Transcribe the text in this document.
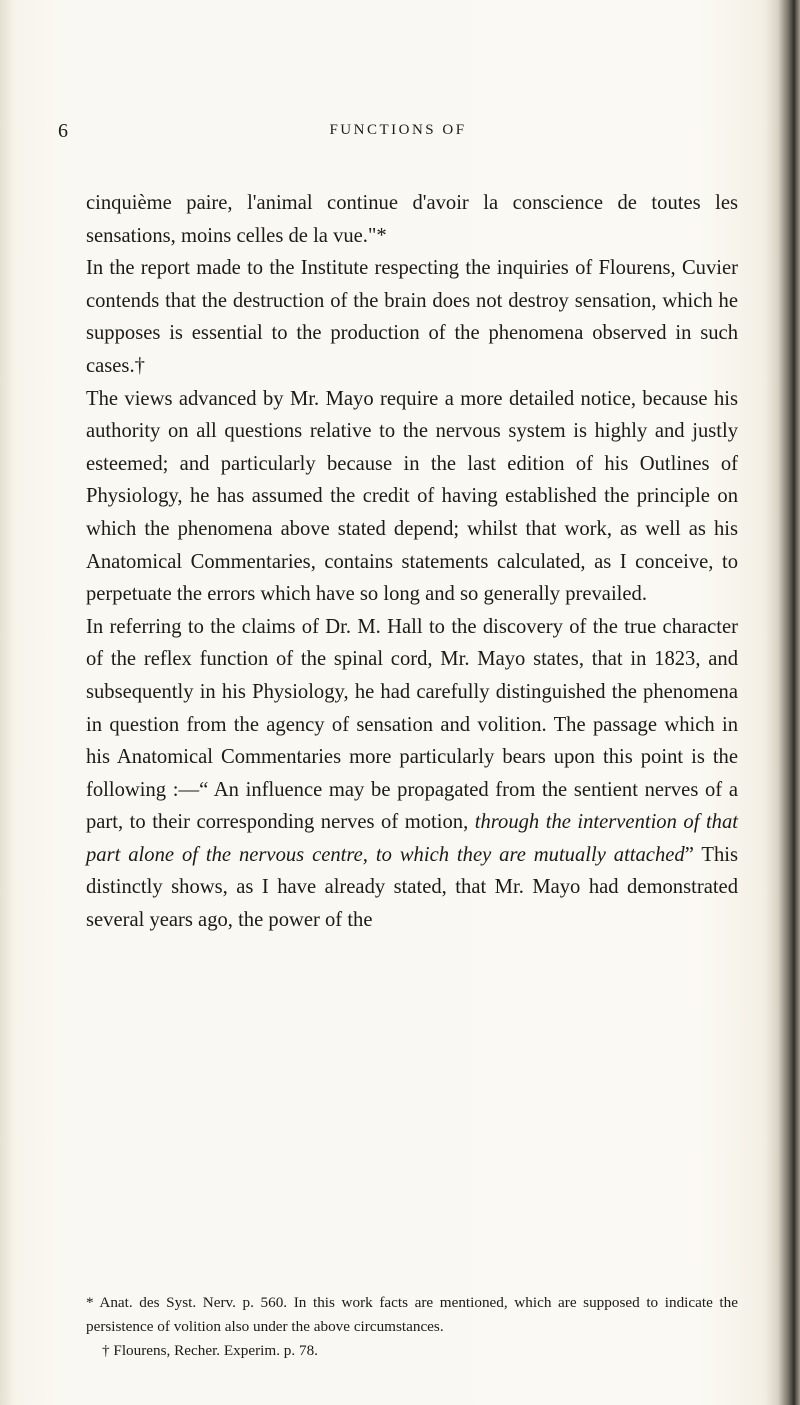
6	FUNCTIONS OF

cinquième paire, l'animal continue d'avoir la conscience de toutes les sensations, moins celles de la vue."*

In the report made to the Institute respecting the inquiries of Flourens, Cuvier contends that the destruction of the brain does not destroy sensation, which he supposes is essential to the production of the phenomena observed in such cases.†

The views advanced by Mr. Mayo require a more detailed notice, because his authority on all questions relative to the nervous system is highly and justly esteemed; and particularly because in the last edition of his Outlines of Physiology, he has assumed the credit of having established the principle on which the phenomena above stated depend; whilst that work, as well as his Anatomical Commentaries, contains statements calculated, as I conceive, to perpetuate the errors which have so long and so generally prevailed.

In referring to the claims of Dr. M. Hall to the discovery of the true character of the reflex function of the spinal cord, Mr. Mayo states, that in 1823, and subsequently in his Physiology, he had carefully distinguished the phenomena in question from the agency of sensation and volition. The passage which in his Anatomical Commentaries more particularly bears upon this point is the following :—“ An influence may be propagated from the sentient nerves of a part, to their corresponding nerves of motion, through the intervention of that part alone of the nervous centre, to which they are mutually attached” This distinctly shows, as I have already stated, that Mr. Mayo had demonstrated several years ago, the power of the

* Anat. des Syst. Nerv. p. 560. In this work facts are mentioned, which are supposed to indicate the persistence of volition also under the above circumstances.

† Flourens, Recher. Experim. p. 78.
